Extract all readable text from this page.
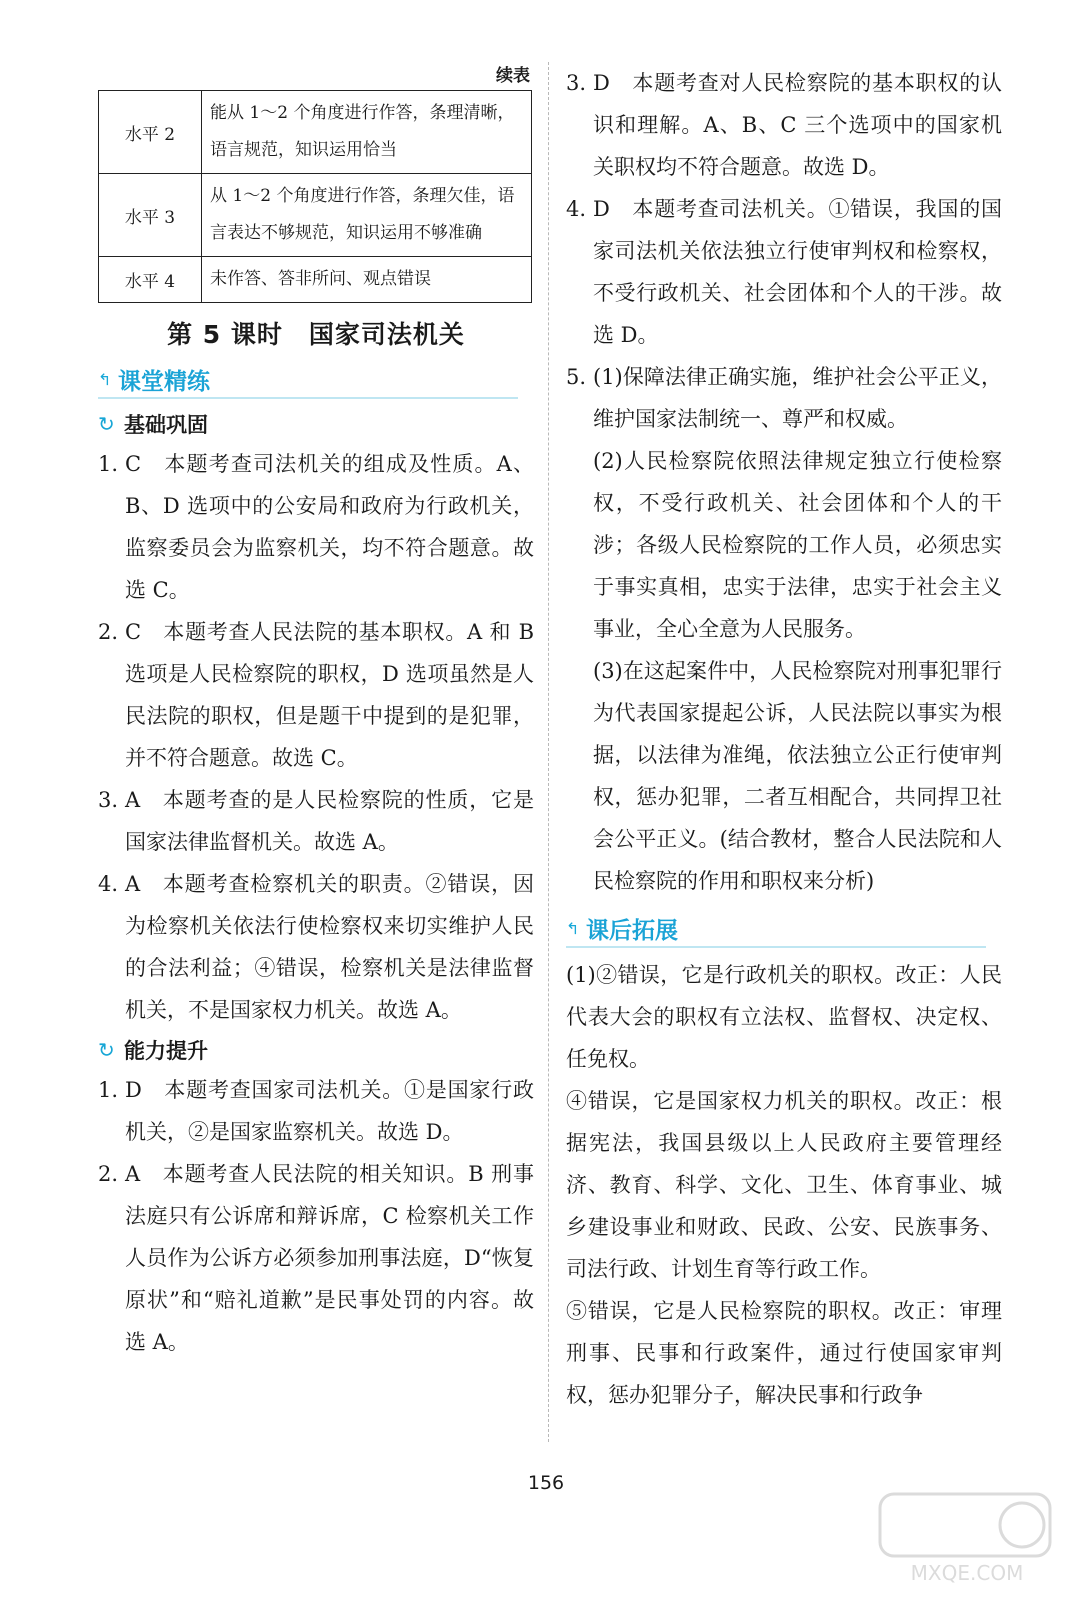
续表
水平 2	能从 1～2 个角度进行作答，条理清晰，语言规范，知识运用恰当
水平 3	从 1～2 个角度进行作答，条理欠佳，语言表达不够规范，知识运用不够准确
水平 4	未作答、答非所问、观点错误
第 5 课时　国家司法机关
↰ 课堂精练
↻ 基础巩固
1. C　本题考查司法机关的组成及性质。A、B、D 选项中的公安局和政府为行政机关，监察委员会为监察机关，均不符合题意。故选 C。
2. C　本题考查人民法院的基本职权。A 和 B 选项是人民检察院的职权，D 选项虽然是人民法院的职权，但是题干中提到的是犯罪，并不符合题意。故选 C。
3. A　本题考查的是人民检察院的性质，它是国家法律监督机关。故选 A。
4. A　本题考查检察机关的职责。②错误，因为检察机关依法行使检察权来切实维护人民的合法利益；④错误，检察机关是法律监督机关，不是国家权力机关。故选 A。
↻ 能力提升
1. D　本题考查国家司法机关。①是国家行政机关，②是国家监察机关。故选 D。
2. A　本题考查人民法院的相关知识。B 刑事法庭只有公诉席和辩诉席，C 检察机关工作人员作为公诉方必须参加刑事法庭，D“恢复原状”和“赔礼道歉”是民事处罚的内容。故选 A。
3. D　本题考查对人民检察院的基本职权的认识和理解。A、B、C 三个选项中的国家机关职权均不符合题意。故选 D。
4. D　本题考查司法机关。①错误，我国的国家司法机关依法独立行使审判权和检察权，不受行政机关、社会团体和个人的干涉。故选 D。
5. (1)保障法律正确实施，维护社会公平正义，维护国家法制统一、尊严和权威。
(2)人民检察院依照法律规定独立行使检察权，不受行政机关、社会团体和个人的干涉；各级人民检察院的工作人员，必须忠实于事实真相，忠实于法律，忠实于社会主义事业，全心全意为人民服务。
(3)在这起案件中，人民检察院对刑事犯罪行为代表国家提起公诉，人民法院以事实为根据，以法律为准绳，依法独立公正行使审判权，惩办犯罪，二者互相配合，共同捍卫社会公平正义。(结合教材，整合人民法院和人民检察院的作用和职权来分析)
↰ 课后拓展
(1)②错误，它是行政机关的职权。改正：人民代表大会的职权有立法权、监督权、决定权、任免权。
④错误，它是国家权力机关的职权。改正：根据宪法，我国县级以上人民政府主要管理经济、教育、科学、文化、卫生、体育事业、城乡建设事业和财政、民政、公安、民族事务、司法行政、计划生育等行政工作。
⑤错误，它是人民检察院的职权。改正：审理刑事、民事和行政案件，通过行使国家审判权，惩办犯罪分子，解决民事和行政争
156
MXQE.COM
